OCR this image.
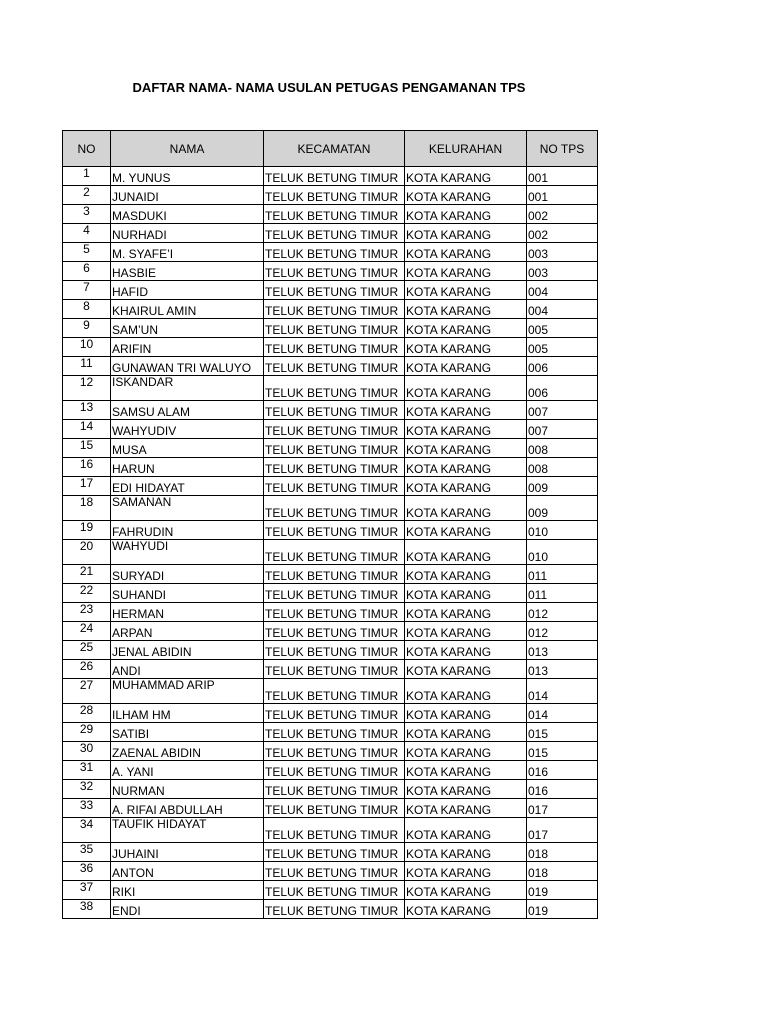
DAFTAR NAMA- NAMA USULAN PETUGAS PENGAMANAN TPS
NO	NAMA	KECAMATAN	KELURAHAN	NO TPS
1	M. YUNUS	TELUK BETUNG TIMUR	KOTA KARANG	001
2	JUNAIDI	TELUK BETUNG TIMUR	KOTA KARANG	001
3	MASDUKI	TELUK BETUNG TIMUR	KOTA KARANG	002
4	NURHADI	TELUK BETUNG TIMUR	KOTA KARANG	002
5	M. SYAFE’I	TELUK BETUNG TIMUR	KOTA KARANG	003
6	HASBIE	TELUK BETUNG TIMUR	KOTA KARANG	003
7	HAFID	TELUK BETUNG TIMUR	KOTA KARANG	004
8	KHAIRUL AMIN	TELUK BETUNG TIMUR	KOTA KARANG	004
9	SAM’UN	TELUK BETUNG TIMUR	KOTA KARANG	005
10	ARIFIN	TELUK BETUNG TIMUR	KOTA KARANG	005
11	GUNAWAN TRI WALUYO	TELUK BETUNG TIMUR	KOTA KARANG	006
12	ISKANDAR	TELUK BETUNG TIMUR	KOTA KARANG	006
13	SAMSU ALAM	TELUK BETUNG TIMUR	KOTA KARANG	007
14	WAHYUDIV	TELUK BETUNG TIMUR	KOTA KARANG	007
15	MUSA	TELUK BETUNG TIMUR	KOTA KARANG	008
16	HARUN	TELUK BETUNG TIMUR	KOTA KARANG	008
17	EDI HIDAYAT	TELUK BETUNG TIMUR	KOTA KARANG	009
18	SAMANAN	TELUK BETUNG TIMUR	KOTA KARANG	009
19	FAHRUDIN	TELUK BETUNG TIMUR	KOTA KARANG	010
20	WAHYUDI	TELUK BETUNG TIMUR	KOTA KARANG	010
21	SURYADI	TELUK BETUNG TIMUR	KOTA KARANG	011
22	SUHANDI	TELUK BETUNG TIMUR	KOTA KARANG	011
23	HERMAN	TELUK BETUNG TIMUR	KOTA KARANG	012
24	ARPAN	TELUK BETUNG TIMUR	KOTA KARANG	012
25	JENAL ABIDIN	TELUK BETUNG TIMUR	KOTA KARANG	013
26	ANDI	TELUK BETUNG TIMUR	KOTA KARANG	013
27	MUHAMMAD ARIP	TELUK BETUNG TIMUR	KOTA KARANG	014
28	ILHAM HM	TELUK BETUNG TIMUR	KOTA KARANG	014
29	SATIBI	TELUK BETUNG TIMUR	KOTA KARANG	015
30	ZAENAL ABIDIN	TELUK BETUNG TIMUR	KOTA KARANG	015
31	A. YANI	TELUK BETUNG TIMUR	KOTA KARANG	016
32	NURMAN	TELUK BETUNG TIMUR	KOTA KARANG	016
33	A. RIFAI ABDULLAH	TELUK BETUNG TIMUR	KOTA KARANG	017
34	TAUFIK HIDAYAT	TELUK BETUNG TIMUR	KOTA KARANG	017
35	JUHAINI	TELUK BETUNG TIMUR	KOTA KARANG	018
36	ANTON	TELUK BETUNG TIMUR	KOTA KARANG	018
37	RIKI	TELUK BETUNG TIMUR	KOTA KARANG	019
38	ENDI	TELUK BETUNG TIMUR	KOTA KARANG	019
